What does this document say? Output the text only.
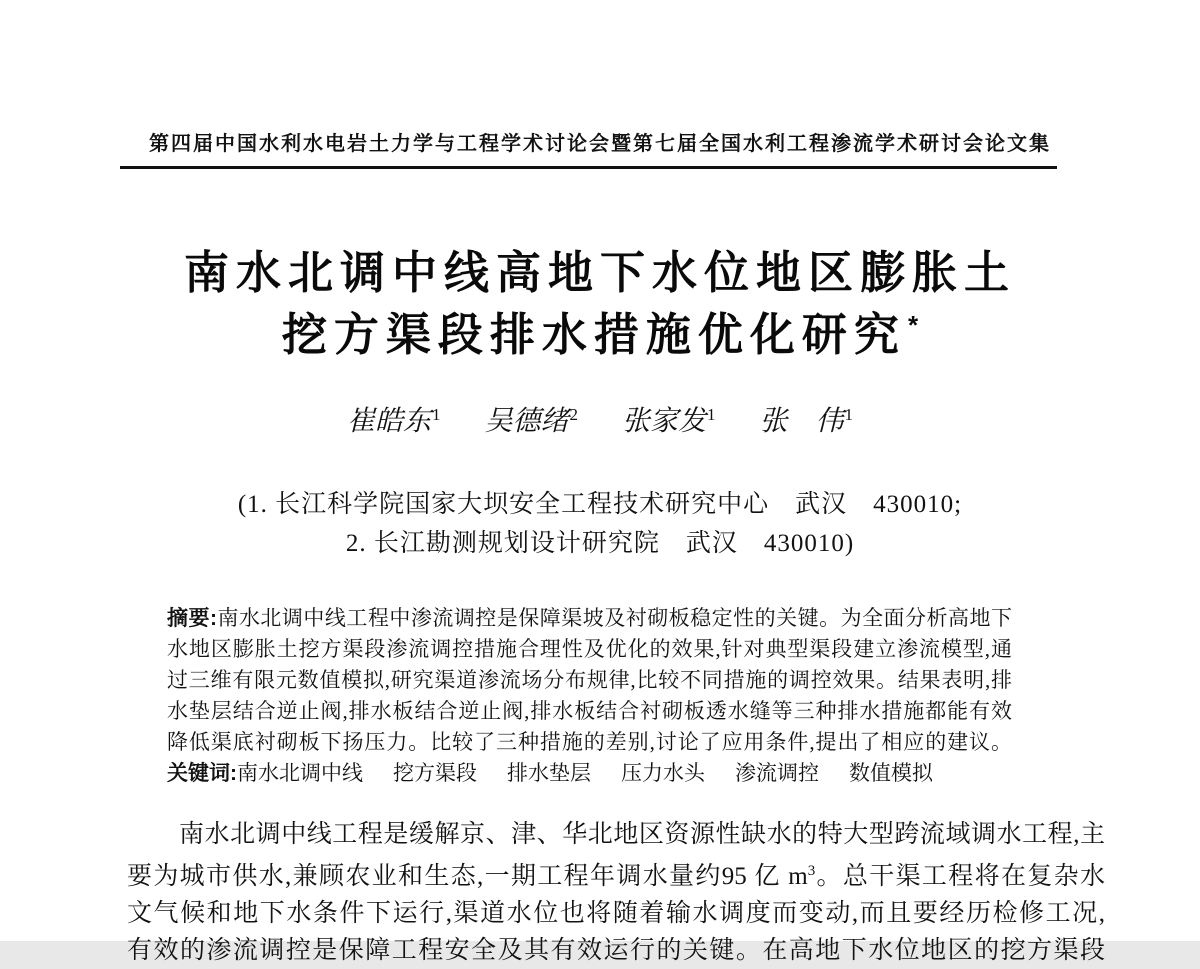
第四届中国水利水电岩土力学与工程学术讨论会暨第七届全国水利工程渗流学术研讨会论文集
南水北调中线高地下水位地区膨胀土
挖方渠段排水措施优化研究*
崔皓东$^1$ 吴德绪$^2$ 张家发$^1$ 张　伟$^1$
(1. 长江科学院国家大坝安全工程技术研究中心　武汉　430010;
2. 长江勘测规划设计研究院　武汉　430010)
摘要:南水北调中线工程中渗流调控是保障渠坡及衬砌板稳定性的关键。为全面分析高地下
水地区膨胀土挖方渠段渗流调控措施合理性及优化的效果,针对典型渠段建立渗流模型,通
过三维有限元数值模拟,研究渠道渗流场分布规律,比较不同措施的调控效果。结果表明,排
水垫层结合逆止阀,排水板结合逆止阀,排水板结合衬砌板透水缝等三种排水措施都能有效
降低渠底衬砌板下扬压力。比较了三种措施的差别,讨论了应用条件,提出了相应的建议。
关键词: 南水北调中线 挖方渠段 排水垫层 压力水头 渗流调控 数值模拟
南水北调中线工程是缓解京、津、华北地区资源性缺水的特大型跨流域调水工程,主
要为城市供水,兼顾农业和生态,一期工程年调水量约95 亿 $m^3$。总干渠工程将在复杂水
文气候和地下水条件下运行,渠道水位也将随着输水调度而变动,而且要经历检修工况,
有效的渗流调控是保障工程安全及其有效运行的关键。在高地下水位地区的挖方渠段
